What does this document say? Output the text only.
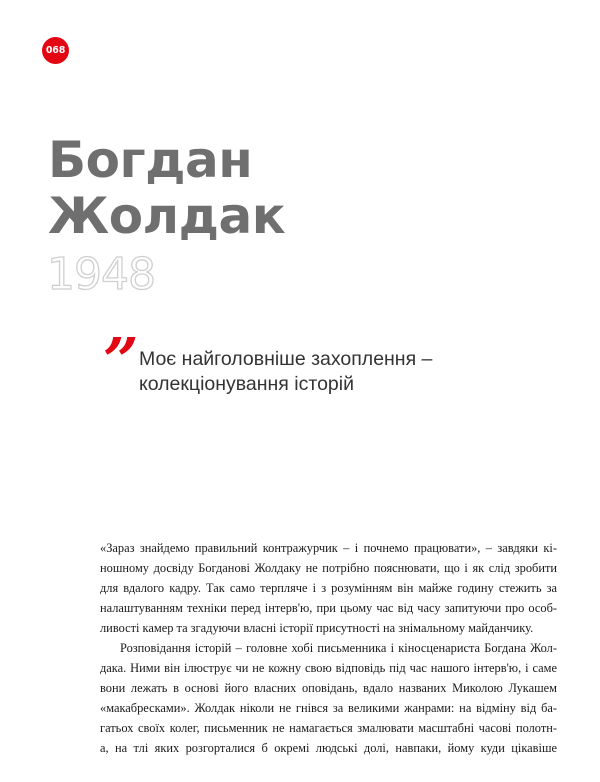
068
Богдан
Жолдак
1948
” Моє найголовніше захоплення –
колекціонування історій
«Зараз знайдемо правильний контражурчик – і почнемо працювати», – завдяки кі-
ношному досвіду Богданові Жолдаку не потрібно пояснювати, що і як слід зробити
для вдалого кадру. Так само терпляче і з розумінням він майже годину стежить за
налаштуванням техніки перед інтерв'ю, при цьому час від часу запитуючи про особ-
ливості камер та згадуючи власні історії присутності на знімальному майданчику.
Розповідання історій – головне хобі письменника і кіносценариста Богдана Жол-
дака. Ними він ілюструє чи не кожну свою відповідь під час нашого інтерв'ю, і саме
вони лежать в основі його власних оповідань, вдало названих Миколою Лукашем
«макабресками». Жолдак ніколи не гнівся за великими жанрами: на відміну від ба-
гатьох своїх колег, письменник не намагається змалювати масштабні часові полотн-
а, на тлі яких розгорталися б окремі людські долі, навпаки, йому куди цікавіше
